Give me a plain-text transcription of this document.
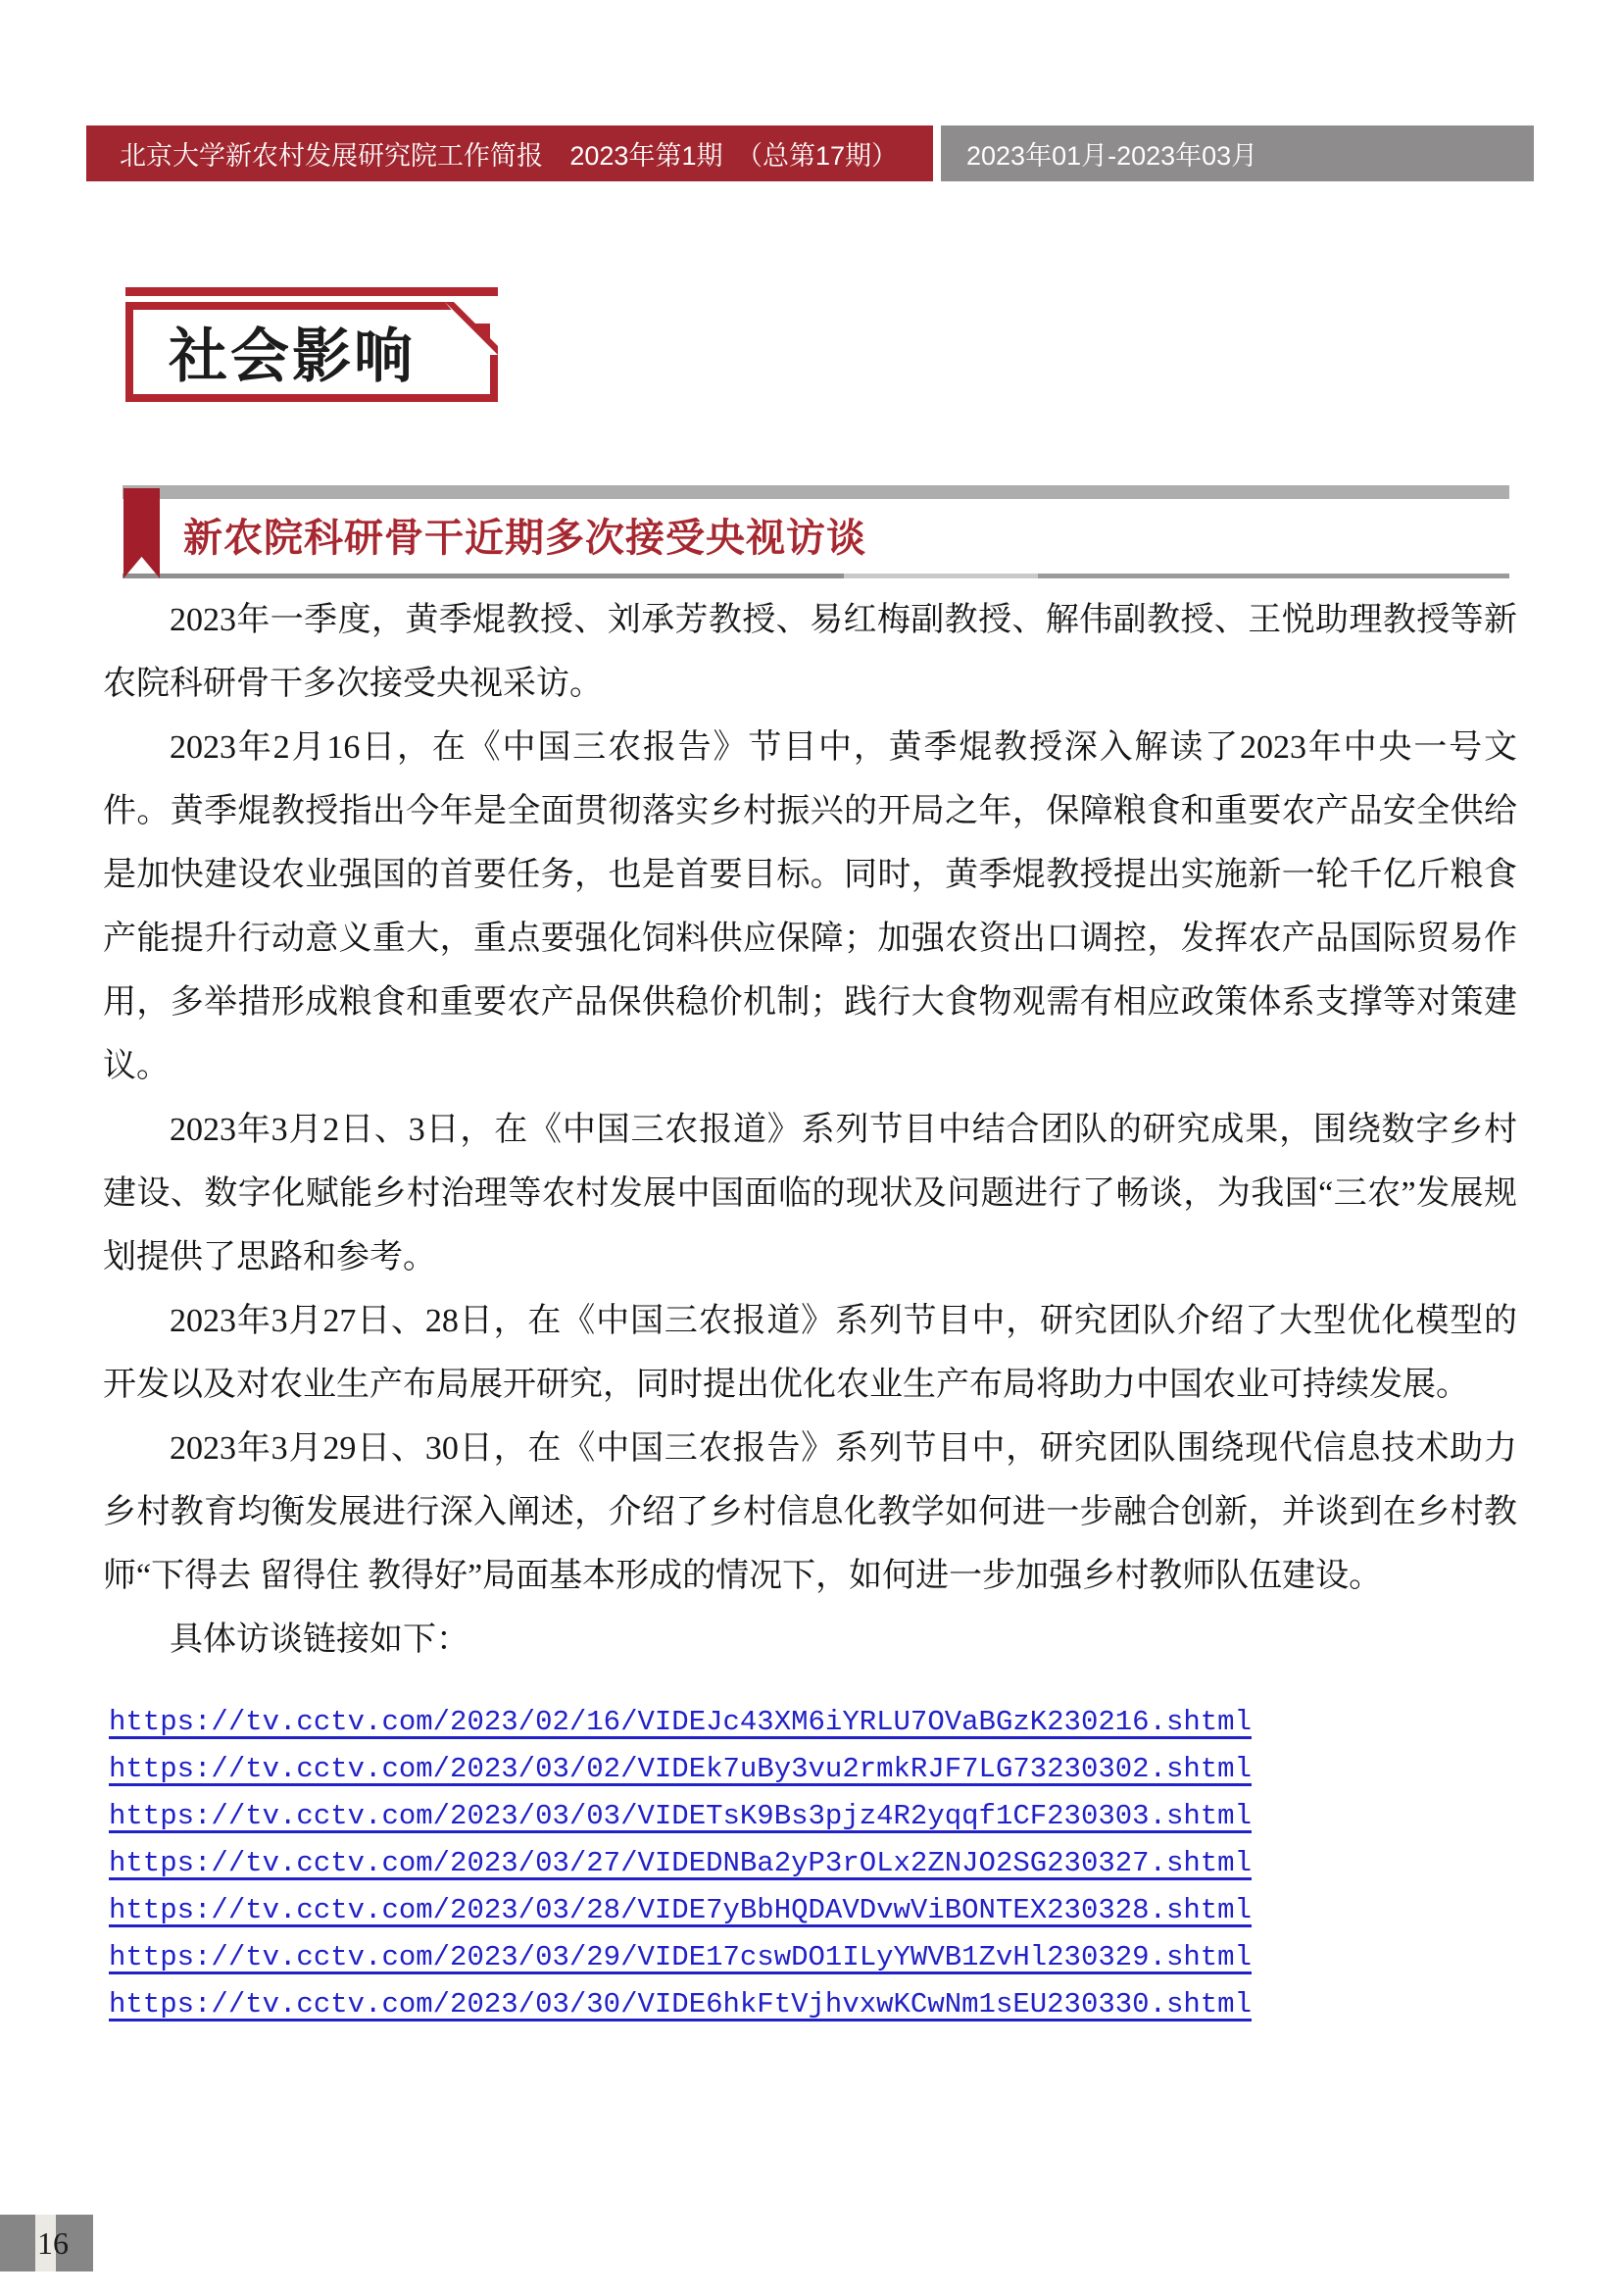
北京大学新农村发展研究院工作简报 2023年第1期　（总第17期）	2023年01月-2023年03月
社会影响
新农院科研骨干近期多次接受央视访谈

2023年一季度，黄季焜教授、刘承芳教授、易红梅副教授、解伟副教授、王悦助理教授等新农院科研骨干多次接受央视采访。

2023年2月16日，在《中国三农报告》节目中，黄季焜教授深入解读了2023年中央一号文件。黄季焜教授指出今年是全面贯彻落实乡村振兴的开局之年，保障粮食和重要农产品安全供给是加快建设农业强国的首要任务，也是首要目标。同时，黄季焜教授提出实施新一轮千亿斤粮食产能提升行动意义重大，重点要强化饲料供应保障；加强农资出口调控，发挥农产品国际贸易作用，多举措形成粮食和重要农产品保供稳价机制；践行大食物观需有相应政策体系支撑等对策建议。

2023年3月2日、3日，在《中国三农报道》系列节目中结合团队的研究成果，围绕数字乡村建设、数字化赋能乡村治理等农村发展中国面临的现状及问题进行了畅谈，为我国“三农”发展规划提供了思路和参考。

2023年3月27日、28日，在《中国三农报道》系列节目中，研究团队介绍了大型优化模型的开发以及对农业生产布局展开研究，同时提出优化农业生产布局将助力中国农业可持续发展。

2023年3月29日、30日，在《中国三农报告》系列节目中，研究团队围绕现代信息技术助力乡村教育均衡发展进行深入阐述，介绍了乡村信息化教学如何进一步融合创新，并谈到在乡村教师“下得去 留得住 教得好”局面基本形成的情况下，如何进一步加强乡村教师队伍建设。

具体访谈链接如下：

https://tv.cctv.com/2023/02/16/VIDEJc43XM6iYRLU7OVaBGzK230216.shtml
https://tv.cctv.com/2023/03/02/VIDEk7uBy3vu2rmkRJF7LG73230302.shtml
https://tv.cctv.com/2023/03/03/VIDETsK9Bs3pjz4R2yqqf1CF230303.shtml
https://tv.cctv.com/2023/03/27/VIDEDNBa2yP3rOLx2ZNJO2SG230327.shtml
https://tv.cctv.com/2023/03/28/VIDE7yBbHQDAVDvwViBONTEX230328.shtml
https://tv.cctv.com/2023/03/29/VIDE17cswDO1ILyYWVB1ZvHl230329.shtml
https://tv.cctv.com/2023/03/30/VIDE6hkFtVjhvxwKCwNm1sEU230330.shtml
16
